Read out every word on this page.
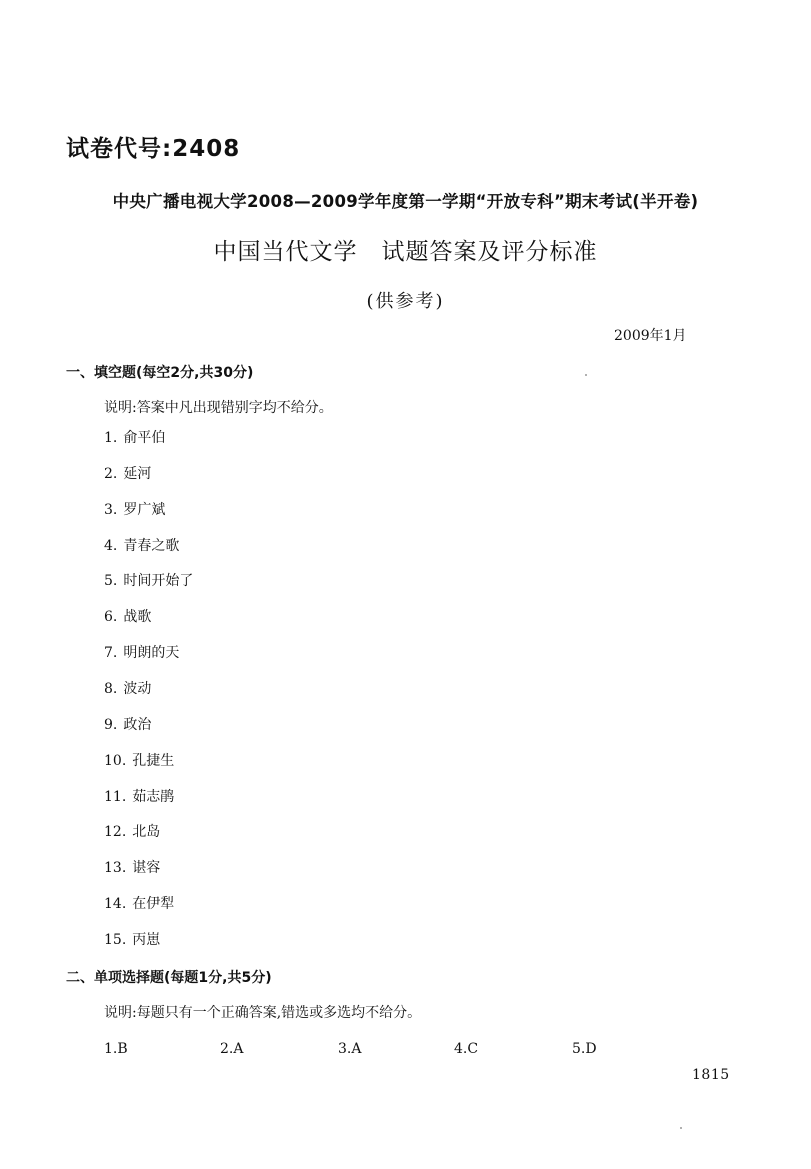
试卷代号:2408
中央广播电视大学2008—2009学年度第一学期“开放专科”期末考试(半开卷)
中国当代文学 试题答案及评分标准
(供参考)
2009年1月
一、填空题(每空2分,共30分)
说明:答案中凡出现错别字均不给分。
1. 俞平伯
2. 延河
3. 罗广斌
4. 青春之歌
5. 时间开始了
6. 战歌
7. 明朗的天
8. 波动
9. 政治
10. 孔捷生
11. 茹志鹃
12. 北岛
13. 谌容
14. 在伊犁
15. 丙崽
二、单项选择题(每题1分,共5分)
说明:每题只有一个正确答案,错选或多选均不给分。
1.B	2.A	3.A	4.C	5.D
1815
